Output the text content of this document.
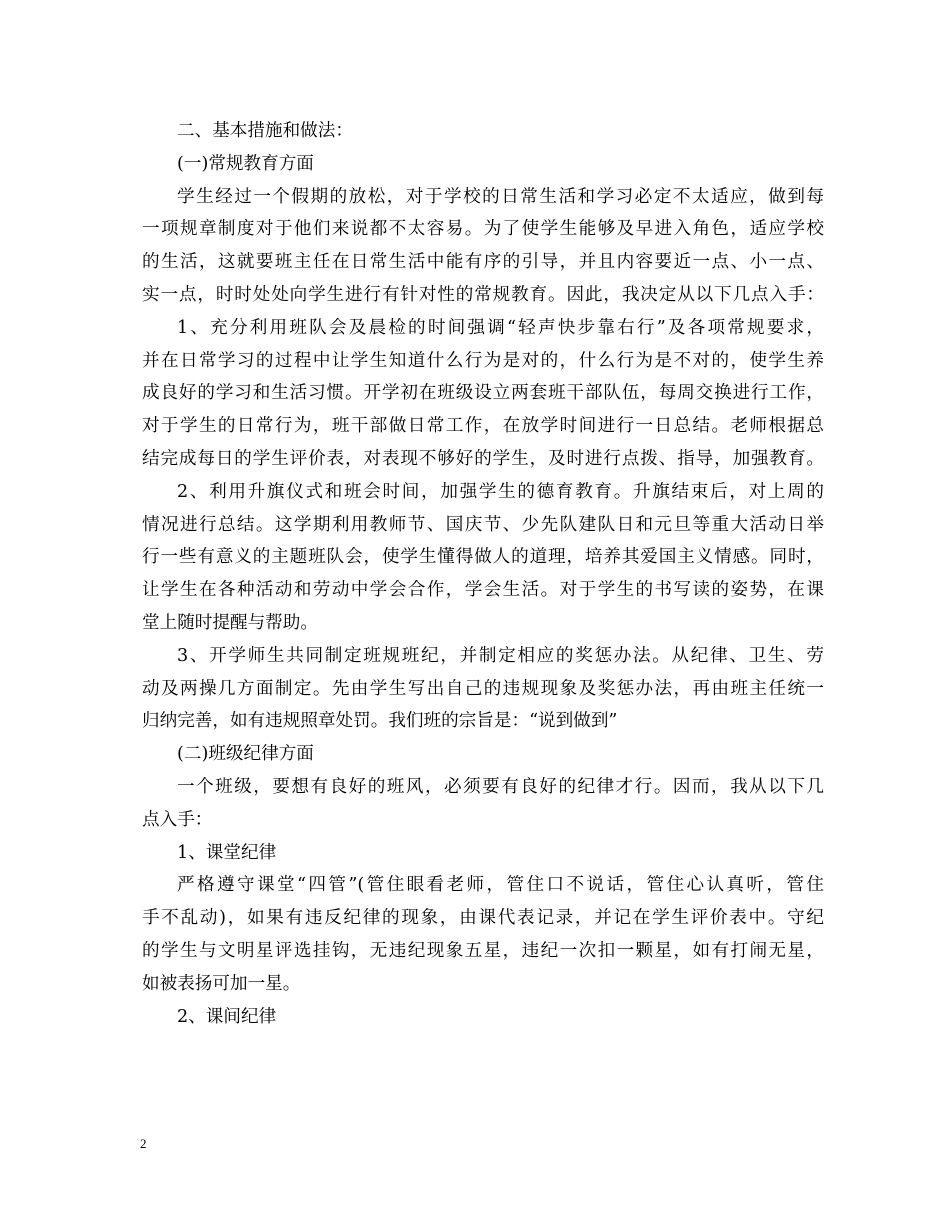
二、基本措施和做法：
(一)常规教育方面
学生经过一个假期的放松，对于学校的日常生活和学习必定不太适应，做到每
一项规章制度对于他们来说都不太容易。为了使学生能够及早进入角色，适应学校
的生活，这就要班主任在日常生活中能有序的引导，并且内容要近一点、小一点、
实一点，时时处处向学生进行有针对性的常规教育。因此，我决定从以下几点入手：
1、充分利用班队会及晨检的时间强调“轻声快步靠右行”及各项常规要求，
并在日常学习的过程中让学生知道什么行为是对的，什么行为是不对的，使学生养
成良好的学习和生活习惯。开学初在班级设立两套班干部队伍，每周交换进行工作，
对于学生的日常行为，班干部做日常工作，在放学时间进行一日总结。老师根据总
结完成每日的学生评价表，对表现不够好的学生，及时进行点拨、指导，加强教育。
2、利用升旗仪式和班会时间，加强学生的德育教育。升旗结束后，对上周的
情况进行总结。这学期利用教师节、国庆节、少先队建队日和元旦等重大活动日举
行一些有意义的主题班队会，使学生懂得做人的道理，培养其爱国主义情感。同时，
让学生在各种活动和劳动中学会合作，学会生活。对于学生的书写读的姿势，在课
堂上随时提醒与帮助。
3、开学师生共同制定班规班纪，并制定相应的奖惩办法。从纪律、卫生、劳
动及两操几方面制定。先由学生写出自己的违规现象及奖惩办法，再由班主任统一
归纳完善，如有违规照章处罚。我们班的宗旨是：“说到做到”
(二)班级纪律方面
一个班级，要想有良好的班风，必须要有良好的纪律才行。因而，我从以下几
点入手：
1、课堂纪律
严格遵守课堂“四管”(管住眼看老师，管住口不说话，管住心认真听，管住
手不乱动)，如果有违反纪律的现象，由课代表记录，并记在学生评价表中。守纪
的学生与文明星评选挂钩，无违纪现象五星，违纪一次扣一颗星，如有打闹无星，
如被表扬可加一星。
2、课间纪律
2
